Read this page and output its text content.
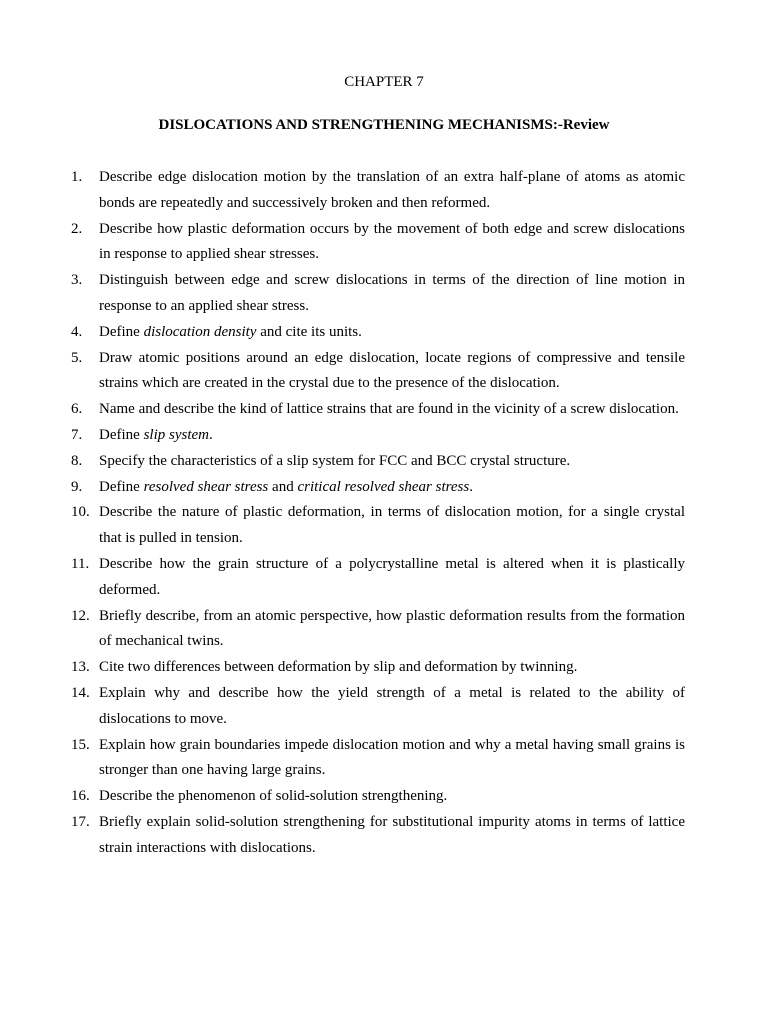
CHAPTER 7
DISLOCATIONS AND STRENGTHENING MECHANISMS:-Review
1. Describe edge dislocation motion by the translation of an extra half-plane of atoms as atomic bonds are repeatedly and successively broken and then reformed.
2. Describe how plastic deformation occurs by the movement of both edge and screw dislocations in response to applied shear stresses.
3. Distinguish between edge and screw dislocations in terms of the direction of line motion in response to an applied shear stress.
4. Define dislocation density and cite its units.
5. Draw atomic positions around an edge dislocation, locate regions of compressive and tensile strains which are created in the crystal due to the presence of the dislocation.
6. Name and describe the kind of lattice strains that are found in the vicinity of a screw dislocation.
7. Define slip system.
8. Specify the characteristics of a slip system for FCC and BCC crystal structure.
9. Define resolved shear stress and critical resolved shear stress.
10. Describe the nature of plastic deformation, in terms of dislocation motion, for a single crystal that is pulled in tension.
11. Describe how the grain structure of a polycrystalline metal is altered when it is plastically deformed.
12. Briefly describe, from an atomic perspective, how plastic deformation results from the formation of mechanical twins.
13. Cite two differences between deformation by slip and deformation by twinning.
14. Explain why and describe how the yield strength of a metal is related to the ability of dislocations to move.
15. Explain how grain boundaries impede dislocation motion and why a metal having small grains is stronger than one having large grains.
16. Describe the phenomenon of solid-solution strengthening.
17. Briefly explain solid-solution strengthening for substitutional impurity atoms in terms of lattice strain interactions with dislocations.
